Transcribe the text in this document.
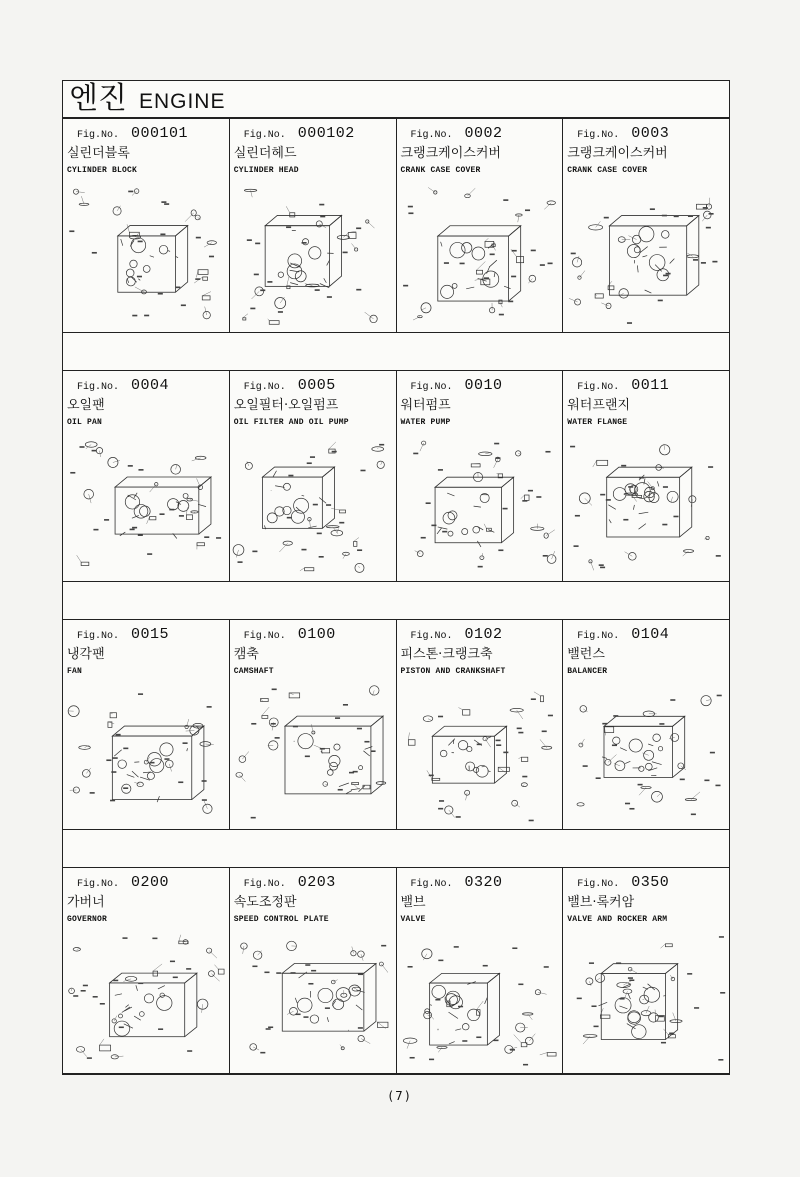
엔진 ENGINE
Fig.No. 000101
실린더블록
CYLINDER BLOCK
Fig.No. 000102
실린더헤드
CYLINDER HEAD
Fig.No. 0002
크랭크케이스커버
CRANK CASE COVER
Fig.No. 0003
크랭크케이스커버
CRANK CASE COVER
Fig.No. 0004
오일팬
OIL PAN
Fig.No. 0005
오일필터·오일펌프
OIL FILTER AND OIL PUMP
Fig.No. 0010
워터펌프
WATER PUMP
Fig.No. 0011
워터프랜지
WATER FLANGE
Fig.No. 0015
냉각팬
FAN
Fig.No. 0100
캠축
CAMSHAFT
Fig.No. 0102
피스톤·크랭크축
PISTON AND CRANKSHAFT
Fig.No. 0104
밸런스
BALANCER
Fig.No. 0200
가버너
GOVERNOR
Fig.No. 0203
속도조정판
SPEED CONTROL PLATE
Fig.No. 0320
밸브
VALVE
Fig.No. 0350
밸브·록커암
VALVE AND ROCKER ARM
(7)
